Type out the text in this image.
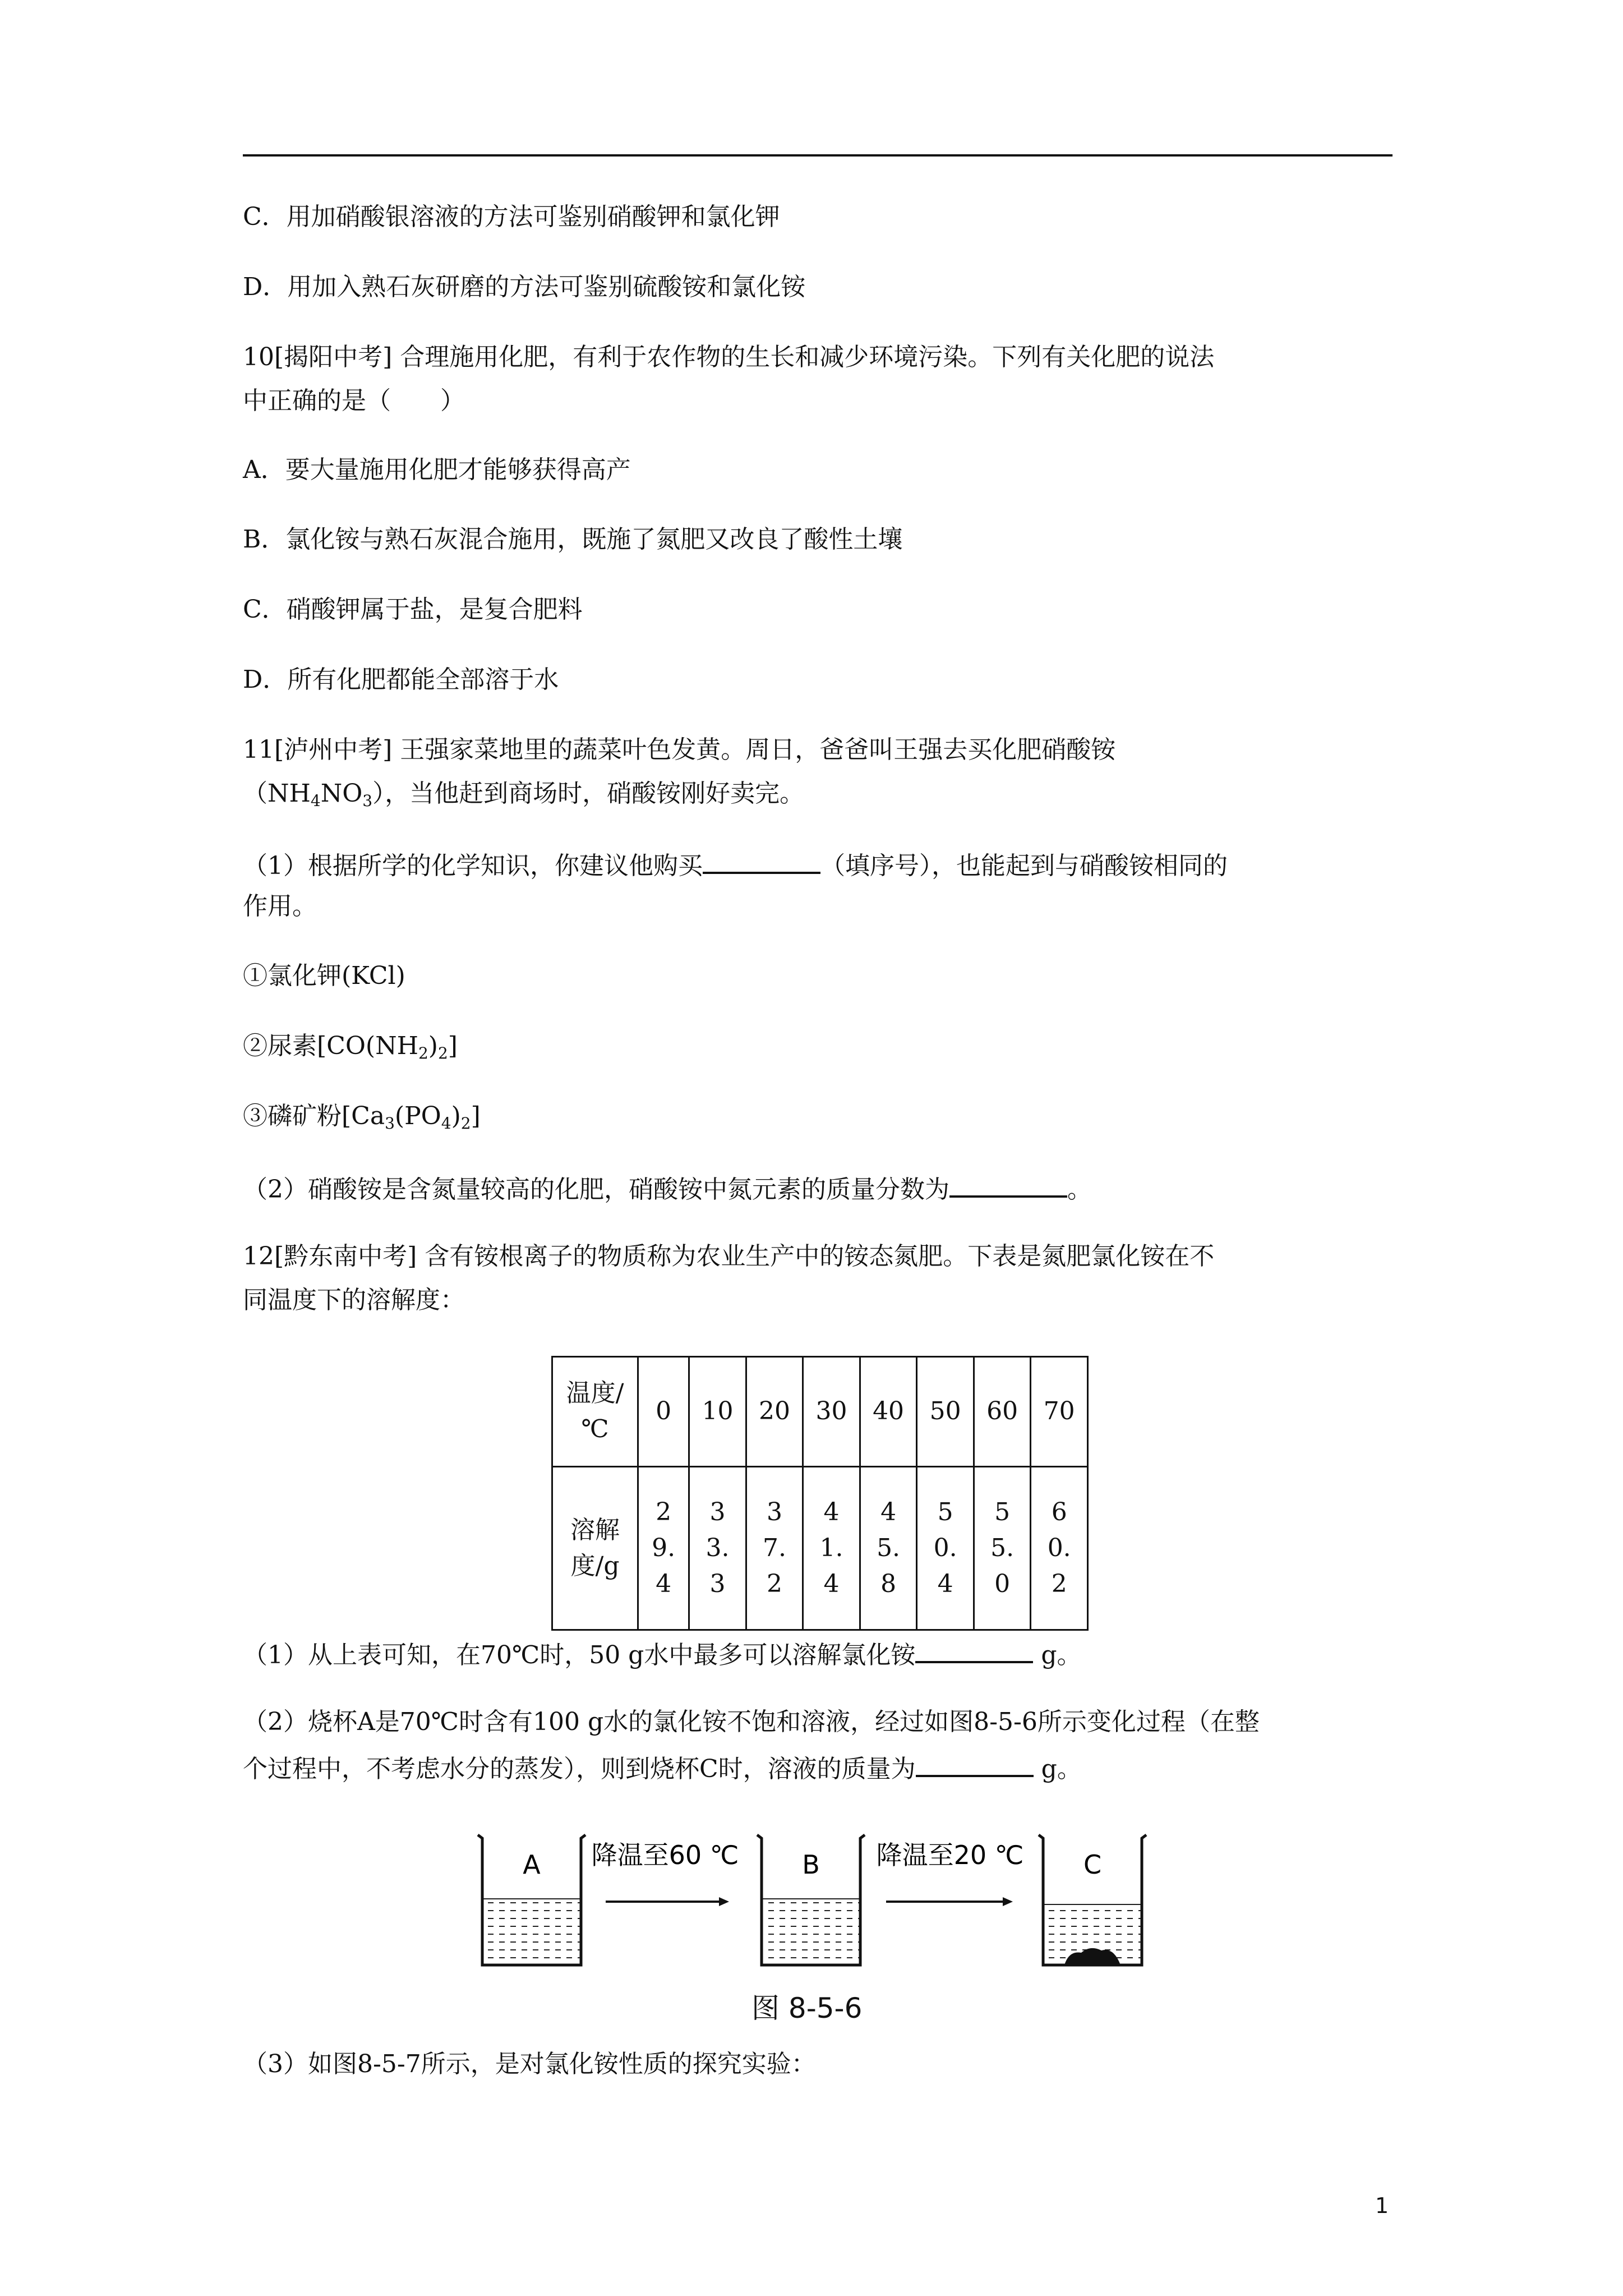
C．用加硝酸银溶液的方法可鉴别硝酸钾和氯化钾
D．用加入熟石灰研磨的方法可鉴别硫酸铵和氯化铵
10[揭阳中考] 合理施用化肥，有利于农作物的生长和减少环境污染。下列有关化肥的说法
中正确的是（　　）
A．要大量施用化肥才能够获得高产
B．氯化铵与熟石灰混合施用，既施了氮肥又改良了酸性土壤
C．硝酸钾属于盐，是复合肥料
D．所有化肥都能全部溶于水
11[泸州中考] 王强家菜地里的蔬菜叶色发黄。周日，爸爸叫王强去买化肥硝酸铵
$(NH_4NO_3)$，当他赶到商场时，硝酸铵刚好卖完。
（1）根据所学的化学知识，你建议他购买	（填序号），也能起到与硝酸铵相同的
作用。
①氯化钾(KCl)
②尿素$[CO(NH_2)_2]$
③磷矿粉$[Ca_3(PO_4)_2]$
（2）硝酸铵是含氮量较高的化肥，硝酸铵中氮元素的质量分数为	。
12[黔东南中考] 含有铵根离子的物质称为农业生产中的铵态氮肥。下表是氮肥氯化铵在不
同温度下的溶解度：
温度/℃	0	10	20	30	40	50	60	70
溶解度/g	29.4	33.3	37.2	41.4	45.8	50.4	55.0	60.2
（1）从上表可知，在70℃时，50 g水中最多可以溶解氯化铵	g。
（2）烧杯A是70℃时含有100 g水的氯化铵不饱和溶液，经过如图8-5-6所示变化过程（在整
个过程中，不考虑水分的蒸发），则到烧杯C时，溶液的质量为	g。
A 降温至60 ℃ B 降温至20 ℃ C
图 8-5-6
（3）如图8-5-7所示，是对氯化铵性质的探究实验：
1
